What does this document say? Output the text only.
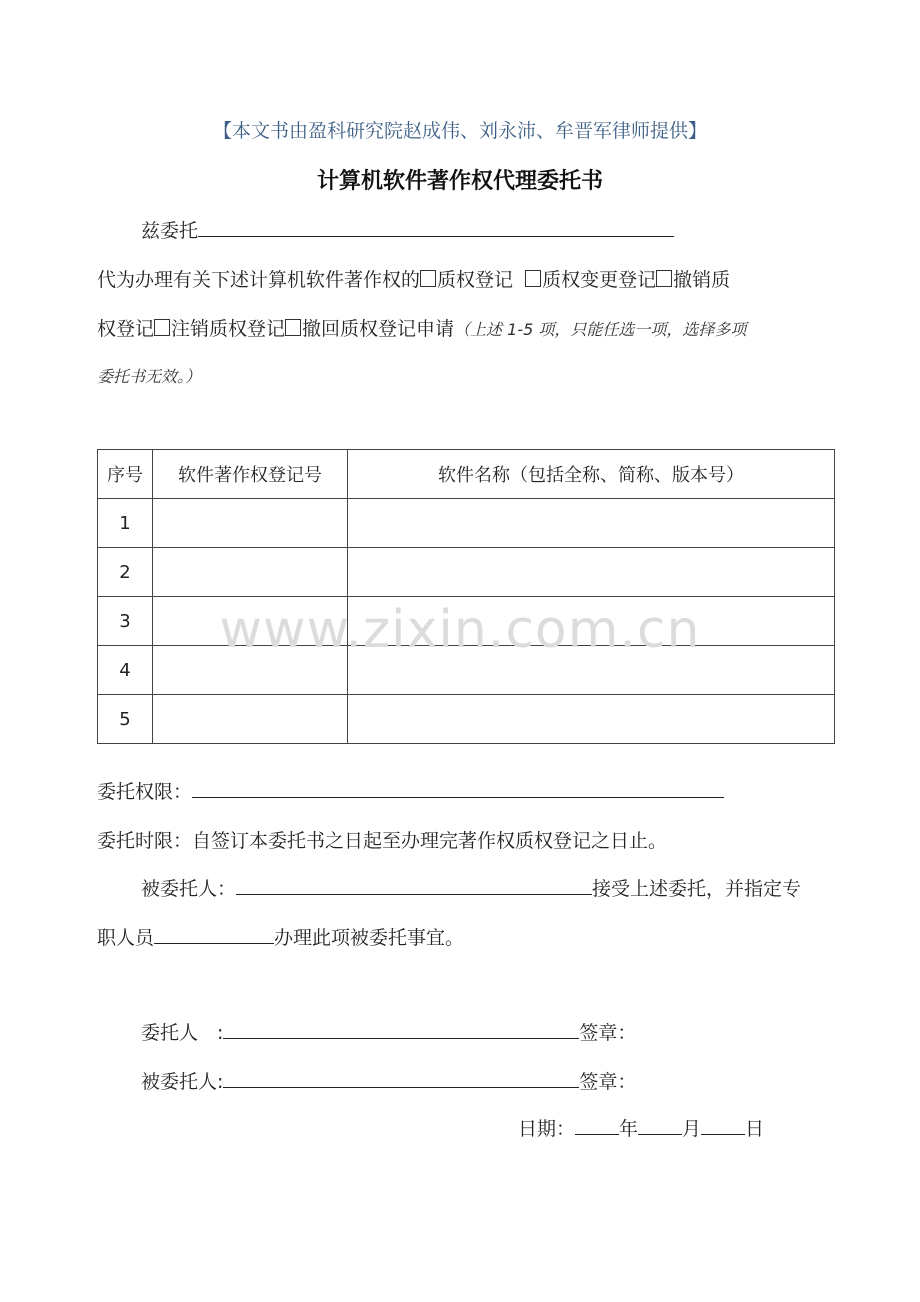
【本文书由盈科研究院赵成伟、刘永沛、牟晋军律师提供】
计算机软件著作权代理委托书
兹委托
代为办理有关下述计算机软件著作权的 质权登记 质权变更登记 撤销质
权登记 注销质权登记 撤回质权登记申请（上述 1-5 项，只能任选一项，选择多项
委托书无效。）
序号	软件著作权登记号	软件名称（包括全称、简称、版本号）
1		
2		
3		
4		
5		
www.zixin.com.cn
委托权限：
委托时限：自签订本委托书之日起至办理完著作权质权登记之日止。
被委托人：	接受上述委托，并指定专
职人员	办理此项被委托事宜。
委托人　:	签章：
被委托人:	签章：
日期： 年 月 日
